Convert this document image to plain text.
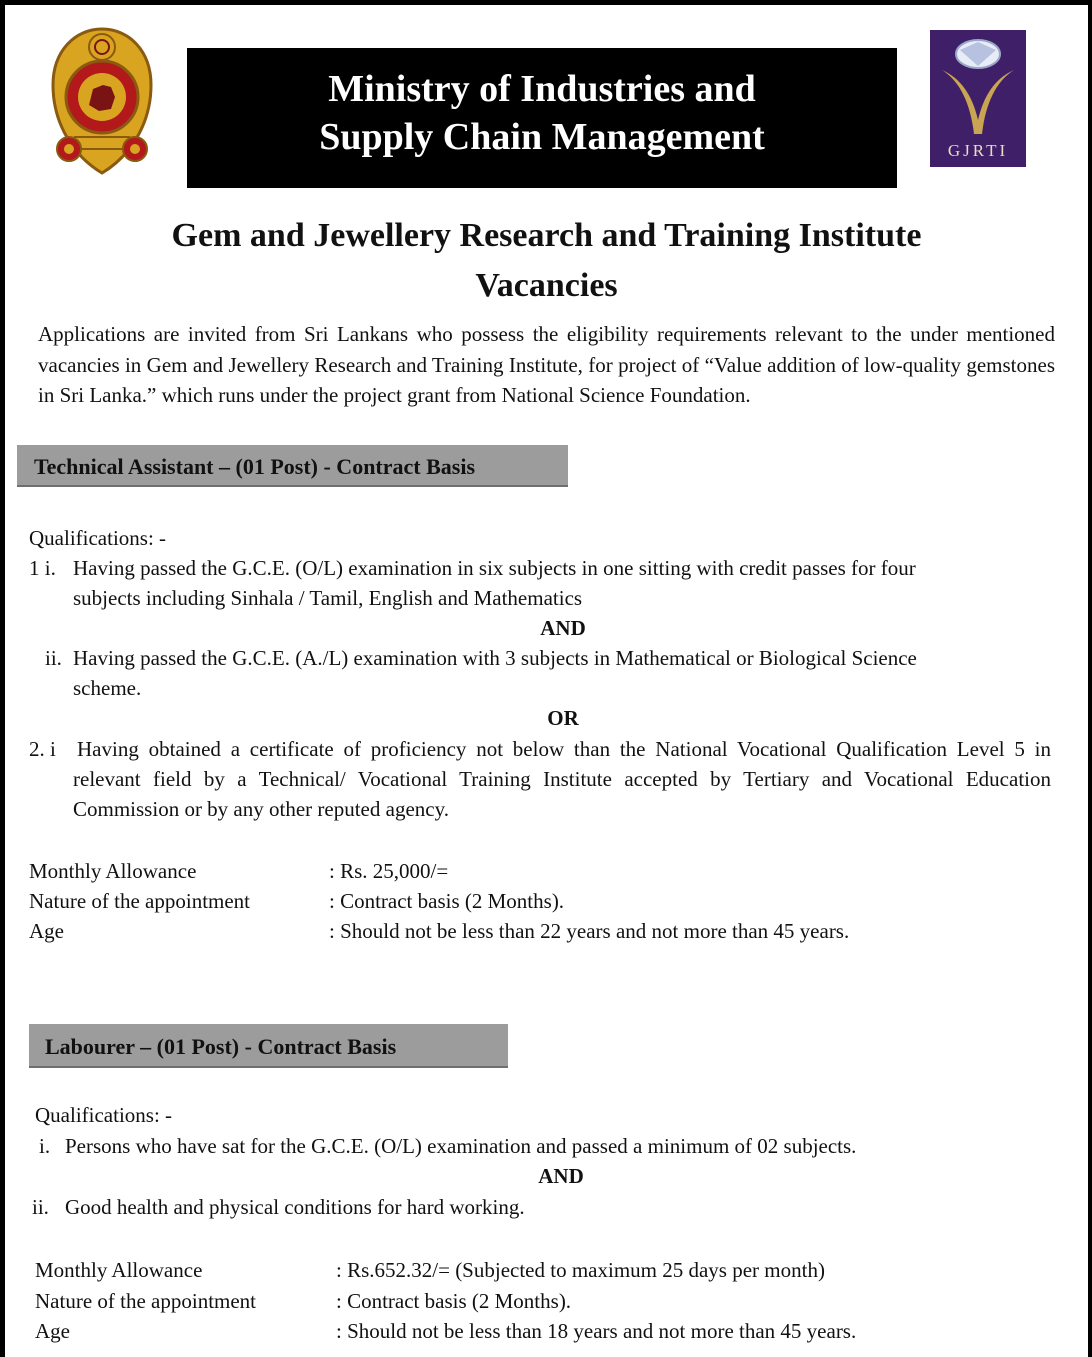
Ministry of Industries and
Supply Chain Management	GJRTI
Gem and Jewellery Research and Training Institute
Vacancies
Applications are invited from Sri Lankans who possess the eligibility requirements relevant to the under mentioned vacancies in Gem and Jewellery Research and Training Institute, for project of “Value addition of low-quality gemstones in Sri Lanka.” which runs under the project grant from National Science Foundation.
Technical Assistant – (01 Post) - Contract Basis
Qualifications: -
1 i. Having passed the G.C.E. (O/L) examination in six subjects in one sitting with credit passes for four
subjects including Sinhala / Tamil, English and Mathematics
AND
ii. Having passed the G.C.E. (A./L) examination with 3 subjects in Mathematical or Biological Science
scheme.
OR
2. i Having obtained a certificate of proficiency not below than the National Vocational Qualification Level 5 in relevant field by a Technical/ Vocational Training Institute accepted by Tertiary and Vocational Education Commission or by any other reputed agency.
Monthly Allowance	: Rs. 25,000/=
Nature of the appointment	: Contract basis (2 Months).
Age	: Should not be less than 22 years and not more than 45 years.
Labourer – (01 Post) - Contract Basis
Qualifications: -
i. Persons who have sat for the G.C.E. (O/L) examination and passed a minimum of 02 subjects.
AND
ii. Good health and physical conditions for hard working.
Monthly Allowance	: Rs.652.32/= (Subjected to maximum 25 days per month)
Nature of the appointment	: Contract basis (2 Months).
Age	: Should not be less than 18 years and not more than 45 years.
